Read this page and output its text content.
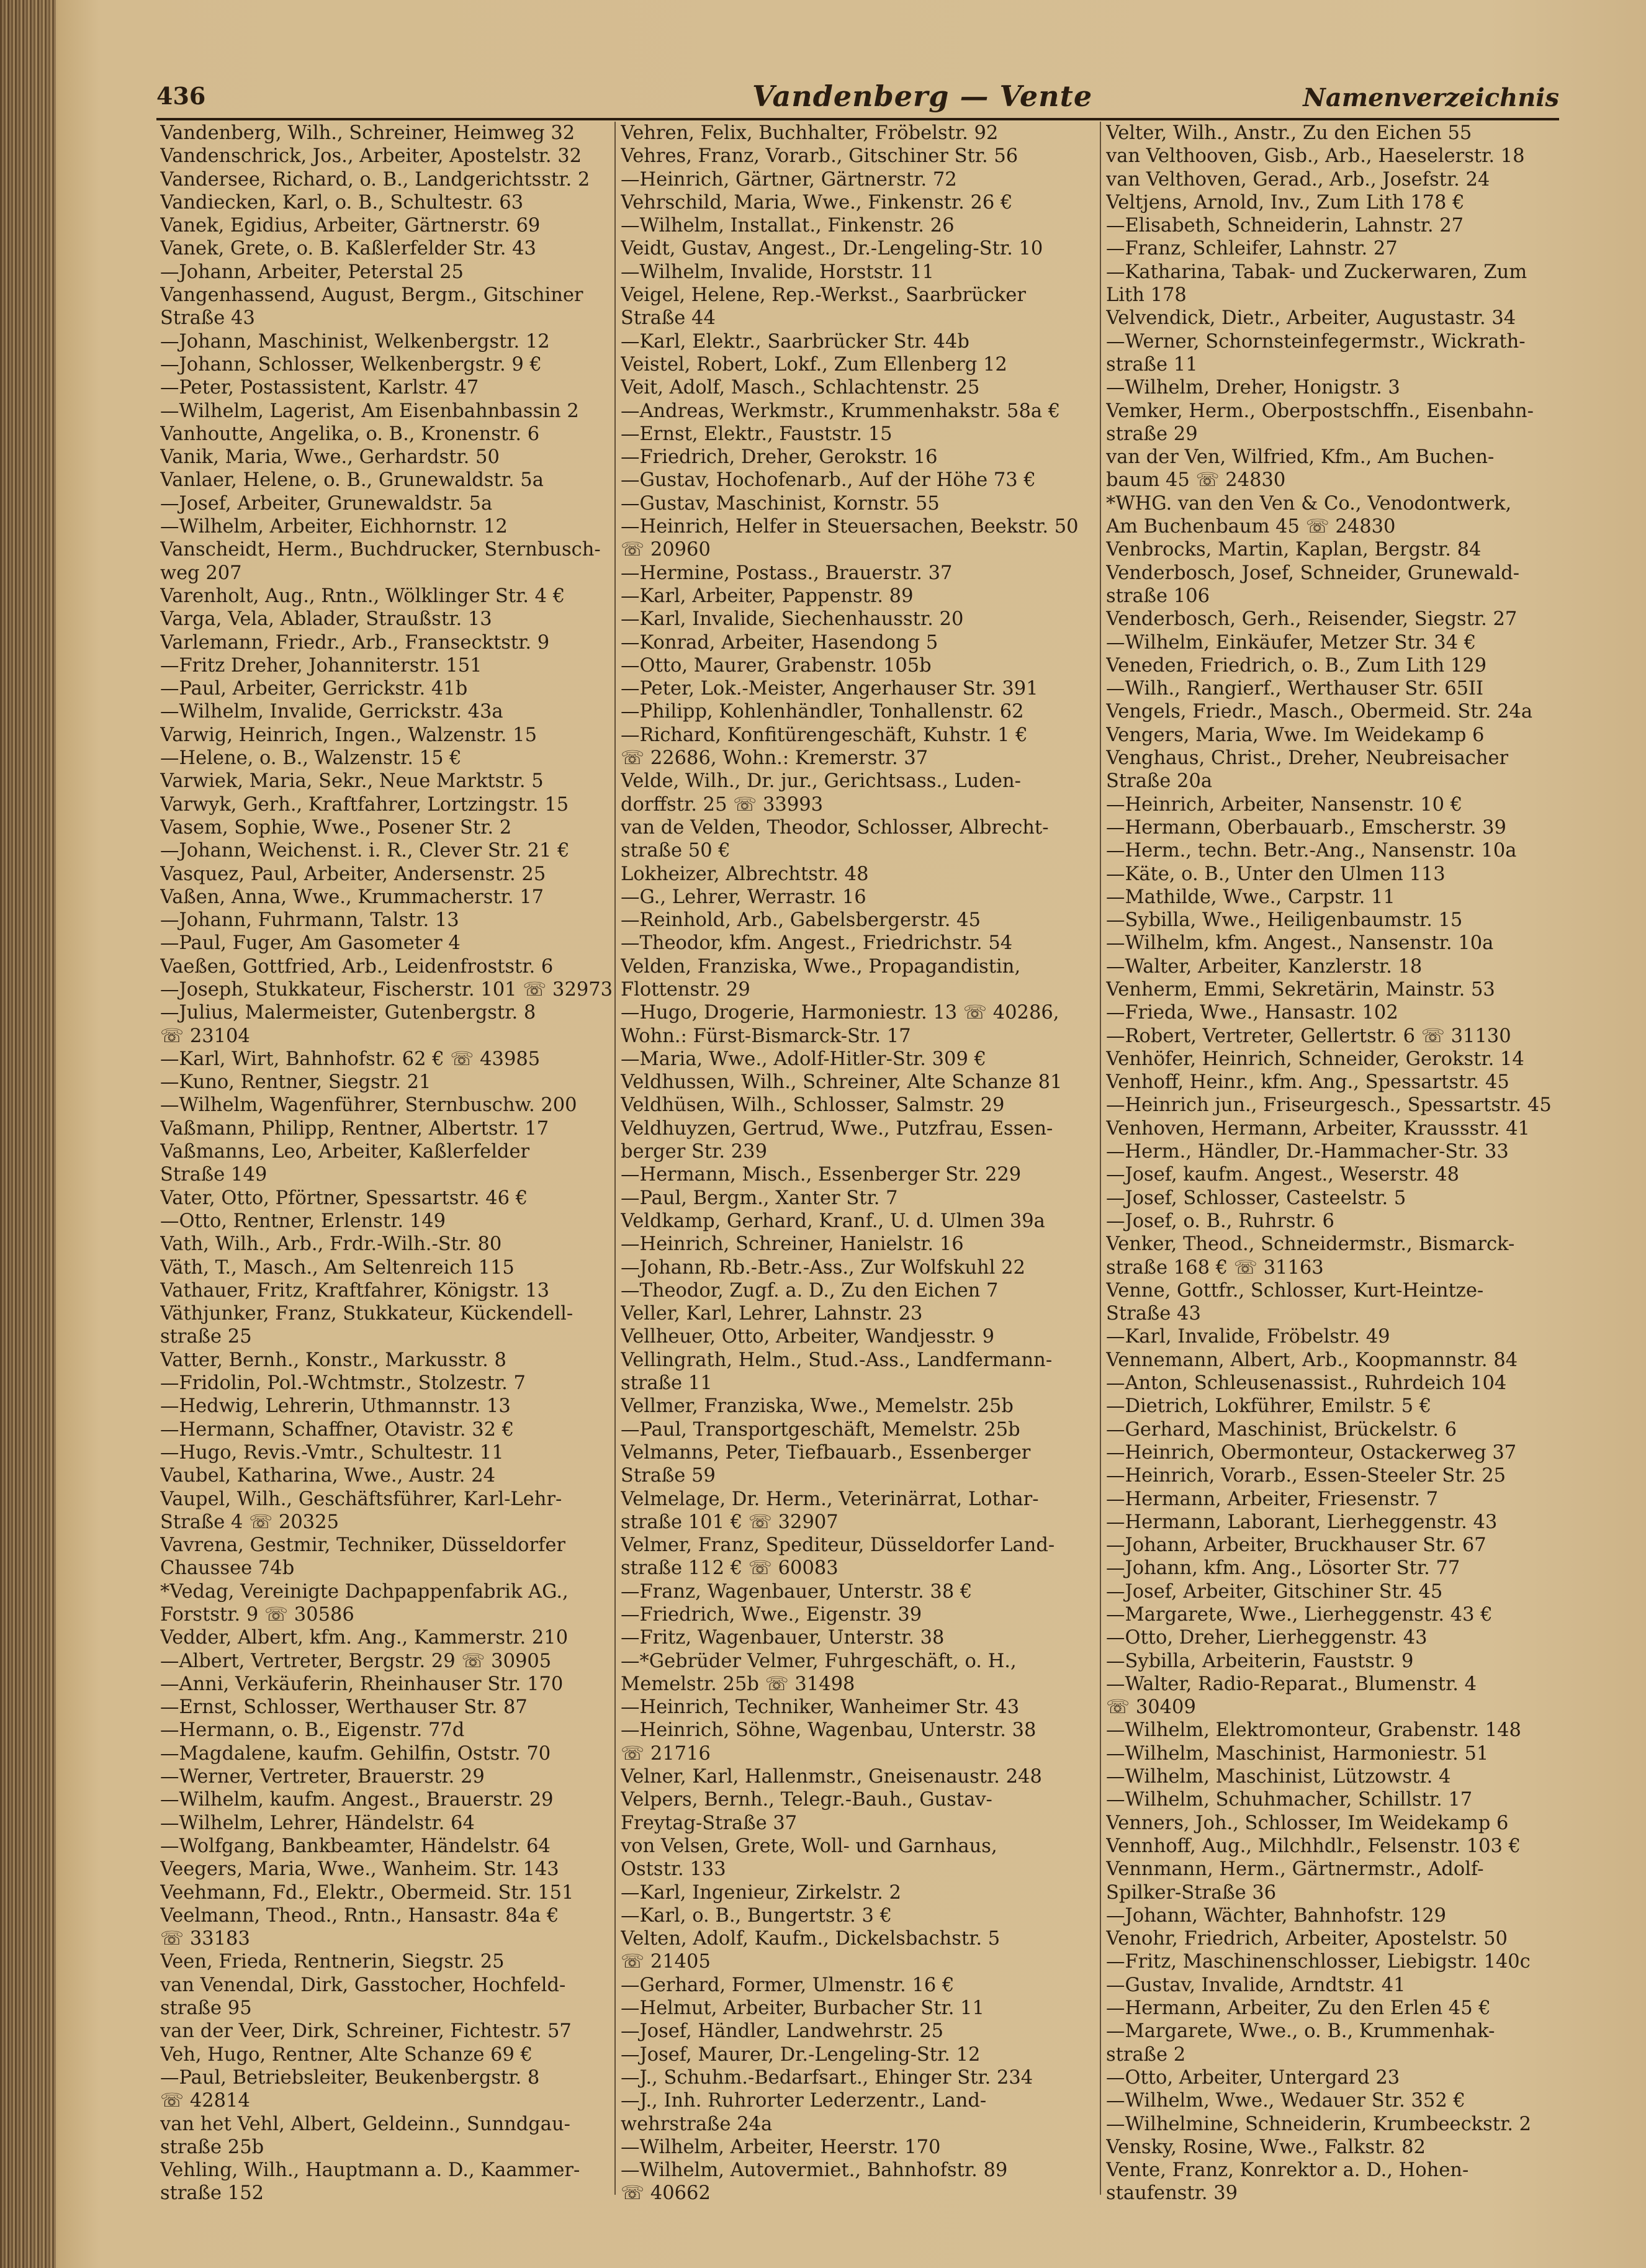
436	Vandenberg — Vente	Namenverzeichnis
Vandenberg, Wilh., Schreiner, Heimweg 32
Vandenschrick, Jos., Arbeiter, Apostelstr. 32
Vandersee, Richard, o. B., Landgerichtsstr. 2
Vandiecken, Karl, o. B., Schultestr. 63
Vanek, Egidius, Arbeiter, Gärtnerstr. 69
Vanek, Grete, o. B. Kaßlerfelder Str. 43
—Johann, Arbeiter, Peterstal 25
Vangenhassend, August, Bergm., Gitschiner
Straße 43
—Johann, Maschinist, Welkenbergstr. 12
—Johann, Schlosser, Welkenbergstr. 9 €
—Peter, Postassistent, Karlstr. 47
—Wilhelm, Lagerist, Am Eisenbahnbassin 2
Vanhoutte, Angelika, o. B., Kronenstr. 6
Vanik, Maria, Wwe., Gerhardstr. 50
Vanlaer, Helene, o. B., Grunewaldstr. 5a
—Josef, Arbeiter, Grunewaldstr. 5a
—Wilhelm, Arbeiter, Eichhornstr. 12
Vanscheidt, Herm., Buchdrucker, Sternbusch-
weg 207
Varenholt, Aug., Rntn., Wölklinger Str. 4 €
Varga, Vela, Ablader, Straußstr. 13
Varlemann, Friedr., Arb., Fransecktstr. 9
—Fritz Dreher, Johanniterstr. 151
—Paul, Arbeiter, Gerrickstr. 41b
—Wilhelm, Invalide, Gerrickstr. 43a
Varwig, Heinrich, Ingen., Walzenstr. 15
—Helene, o. B., Walzenstr. 15 €
Varwiek, Maria, Sekr., Neue Marktstr. 5
Varwyk, Gerh., Kraftfahrer, Lortzingstr. 15
Vasem, Sophie, Wwe., Posener Str. 2
—Johann, Weichenst. i. R., Clever Str. 21 €
Vasquez, Paul, Arbeiter, Andersenstr. 25
Vaßen, Anna, Wwe., Krummacherstr. 17
—Johann, Fuhrmann, Talstr. 13
—Paul, Fuger, Am Gasometer 4
Vaeßen, Gottfried, Arb., Leidenfroststr. 6
—Joseph, Stukkateur, Fischerstr. 101 ☏ 32973
—Julius, Malermeister, Gutenbergstr. 8
☏ 23104
—Karl, Wirt, Bahnhofstr. 62 € ☏ 43985
—Kuno, Rentner, Siegstr. 21
—Wilhelm, Wagenführer, Sternbuschw. 200
Vaßmann, Philipp, Rentner, Albertstr. 17
Vaßmanns, Leo, Arbeiter, Kaßlerfelder
Straße 149
Vater, Otto, Pförtner, Spessartstr. 46 €
—Otto, Rentner, Erlenstr. 149
Vath, Wilh., Arb., Frdr.-Wilh.-Str. 80
Väth, T., Masch., Am Seltenreich 115
Vathauer, Fritz, Kraftfahrer, Königstr. 13
Väthjunker, Franz, Stukkateur, Kückendell-
straße 25
Vatter, Bernh., Konstr., Markusstr. 8
—Fridolin, Pol.-Wchtmstr., Stolzestr. 7
—Hedwig, Lehrerin, Uthmannstr. 13
—Hermann, Schaffner, Otavistr. 32 €
—Hugo, Revis.-Vmtr., Schultestr. 11
Vaubel, Katharina, Wwe., Austr. 24
Vaupel, Wilh., Geschäftsführer, Karl-Lehr-
Straße 4 ☏ 20325
Vavrena, Gestmir, Techniker, Düsseldorfer
Chaussee 74b
*Vedag, Vereinigte Dachpappenfabrik AG.,
Forststr. 9 ☏ 30586
Vedder, Albert, kfm. Ang., Kammerstr. 210
—Albert, Vertreter, Bergstr. 29 ☏ 30905
—Anni, Verkäuferin, Rheinhauser Str. 170
—Ernst, Schlosser, Werthauser Str. 87
—Hermann, o. B., Eigenstr. 77d
—Magdalene, kaufm. Gehilfin, Oststr. 70
—Werner, Vertreter, Brauerstr. 29
—Wilhelm, kaufm. Angest., Brauerstr. 29
—Wilhelm, Lehrer, Händelstr. 64
—Wolfgang, Bankbeamter, Händelstr. 64
Veegers, Maria, Wwe., Wanheim. Str. 143
Veehmann, Fd., Elektr., Obermeid. Str. 151
Veelmann, Theod., Rntn., Hansastr. 84a €
☏ 33183
Veen, Frieda, Rentnerin, Siegstr. 25
van Venendal, Dirk, Gasstocher, Hochfeld-
straße 95
van der Veer, Dirk, Schreiner, Fichtestr. 57
Veh, Hugo, Rentner, Alte Schanze 69 €
—Paul, Betriebsleiter, Beukenbergstr. 8
☏ 42814
van het Vehl, Albert, Geldeinn., Sunndgau-
straße 25b
Vehling, Wilh., Hauptmann a. D., Kaammer-
straße 152
Vehren, Felix, Buchhalter, Fröbelstr. 92
Vehres, Franz, Vorarb., Gitschiner Str. 56
—Heinrich, Gärtner, Gärtnerstr. 72
Vehrschild, Maria, Wwe., Finkenstr. 26 €
—Wilhelm, Installat., Finkenstr. 26
Veidt, Gustav, Angest., Dr.-Lengeling-Str. 10
—Wilhelm, Invalide, Horststr. 11
Veigel, Helene, Rep.-Werkst., Saarbrücker
Straße 44
—Karl, Elektr., Saarbrücker Str. 44b
Veistel, Robert, Lokf., Zum Ellenberg 12
Veit, Adolf, Masch., Schlachtenstr. 25
—Andreas, Werkmstr., Krummenhakstr. 58a €
—Ernst, Elektr., Fauststr. 15
—Friedrich, Dreher, Gerokstr. 16
—Gustav, Hochofenarb., Auf der Höhe 73 €
—Gustav, Maschinist, Kornstr. 55
—Heinrich, Helfer in Steuersachen, Beekstr. 50
☏ 20960
—Hermine, Postass., Brauerstr. 37
—Karl, Arbeiter, Pappenstr. 89
—Karl, Invalide, Siechenhausstr. 20
—Konrad, Arbeiter, Hasendong 5
—Otto, Maurer, Grabenstr. 105b
—Peter, Lok.-Meister, Angerhauser Str. 391
—Philipp, Kohlenhändler, Tonhallenstr. 62
—Richard, Konfitürengeschäft, Kuhstr. 1 €
☏ 22686, Wohn.: Kremerstr. 37
Velde, Wilh., Dr. jur., Gerichtsass., Luden-
dorffstr. 25 ☏ 33993
van de Velden, Theodor, Schlosser, Albrecht-
straße 50 €
Lokheizer, Albrechtstr. 48
—G., Lehrer, Werrastr. 16
—Reinhold, Arb., Gabelsbergerstr. 45
—Theodor, kfm. Angest., Friedrichstr. 54
Velden, Franziska, Wwe., Propagandistin,
Flottenstr. 29
—Hugo, Drogerie, Harmoniestr. 13 ☏ 40286,
Wohn.: Fürst-Bismarck-Str. 17
—Maria, Wwe., Adolf-Hitler-Str. 309 €
Veldhussen, Wilh., Schreiner, Alte Schanze 81
Veldhüsen, Wilh., Schlosser, Salmstr. 29
Veldhuyzen, Gertrud, Wwe., Putzfrau, Essen-
berger Str. 239
—Hermann, Misch., Essenberger Str. 229
—Paul, Bergm., Xanter Str. 7
Veldkamp, Gerhard, Kranf., U. d. Ulmen 39a
—Heinrich, Schreiner, Hanielstr. 16
—Johann, Rb.-Betr.-Ass., Zur Wolfskuhl 22
—Theodor, Zugf. a. D., Zu den Eichen 7
Veller, Karl, Lehrer, Lahnstr. 23
Vellheuer, Otto, Arbeiter, Wandjesstr. 9
Vellingrath, Helm., Stud.-Ass., Landfermann-
straße 11
Vellmer, Franziska, Wwe., Memelstr. 25b
—Paul, Transportgeschäft, Memelstr. 25b
Velmanns, Peter, Tiefbauarb., Essenberger
Straße 59
Velmelage, Dr. Herm., Veterinärrat, Lothar-
straße 101 € ☏ 32907
Velmer, Franz, Spediteur, Düsseldorfer Land-
straße 112 € ☏ 60083
—Franz, Wagenbauer, Unterstr. 38 €
—Friedrich, Wwe., Eigenstr. 39
—Fritz, Wagenbauer, Unterstr. 38
—*Gebrüder Velmer, Fuhrgeschäft, o. H.,
Memelstr. 25b ☏ 31498
—Heinrich, Techniker, Wanheimer Str. 43
—Heinrich, Söhne, Wagenbau, Unterstr. 38
☏ 21716
Velner, Karl, Hallenmstr., Gneisenaustr. 248
Velpers, Bernh., Telegr.-Bauh., Gustav-
Freytag-Straße 37
von Velsen, Grete, Woll- und Garnhaus,
Oststr. 133
—Karl, Ingenieur, Zirkelstr. 2
—Karl, o. B., Bungertstr. 3 €
Velten, Adolf, Kaufm., Dickelsbachstr. 5
☏ 21405
—Gerhard, Former, Ulmenstr. 16 €
—Helmut, Arbeiter, Burbacher Str. 11
—Josef, Händler, Landwehrstr. 25
—Josef, Maurer, Dr.-Lengeling-Str. 12
—J., Schuhm.-Bedarfsart., Ehinger Str. 234
—J., Inh. Ruhrorter Lederzentr., Land-
wehrstraße 24a
—Wilhelm, Arbeiter, Heerstr. 170
—Wilhelm, Autovermiet., Bahnhofstr. 89
☏ 40662
Velter, Wilh., Anstr., Zu den Eichen 55
van Velthooven, Gisb., Arb., Haeselerstr. 18
van Velthoven, Gerad., Arb., Josefstr. 24
Veltjens, Arnold, Inv., Zum Lith 178 €
—Elisabeth, Schneiderin, Lahnstr. 27
—Franz, Schleifer, Lahnstr. 27
—Katharina, Tabak- und Zuckerwaren, Zum
Lith 178
Velvendick, Dietr., Arbeiter, Augustastr. 34
—Werner, Schornsteinfegermstr., Wickrath-
straße 11
—Wilhelm, Dreher, Honigstr. 3
Vemker, Herm., Oberpostschffn., Eisenbahn-
straße 29
van der Ven, Wilfried, Kfm., Am Buchen-
baum 45 ☏ 24830
*WHG. van den Ven & Co., Venodontwerk,
Am Buchenbaum 45 ☏ 24830
Venbrocks, Martin, Kaplan, Bergstr. 84
Venderbosch, Josef, Schneider, Grunewald-
straße 106
Venderbosch, Gerh., Reisender, Siegstr. 27
—Wilhelm, Einkäufer, Metzer Str. 34 €
Veneden, Friedrich, o. B., Zum Lith 129
—Wilh., Rangierf., Werthauser Str. 65II
Vengels, Friedr., Masch., Obermeid. Str. 24a
Vengers, Maria, Wwe. Im Weidekamp 6
Venghaus, Christ., Dreher, Neubreisacher
Straße 20a
—Heinrich, Arbeiter, Nansenstr. 10 €
—Hermann, Oberbauarb., Emscherstr. 39
—Herm., techn. Betr.-Ang., Nansenstr. 10a
—Käte, o. B., Unter den Ulmen 113
—Mathilde, Wwe., Carpstr. 11
—Sybilla, Wwe., Heiligenbaumstr. 15
—Wilhelm, kfm. Angest., Nansenstr. 10a
—Walter, Arbeiter, Kanzlerstr. 18
Venherm, Emmi, Sekretärin, Mainstr. 53
—Frieda, Wwe., Hansastr. 102
—Robert, Vertreter, Gellertstr. 6 ☏ 31130
Venhöfer, Heinrich, Schneider, Gerokstr. 14
Venhoff, Heinr., kfm. Ang., Spessartstr. 45
—Heinrich jun., Friseurgesch., Spessartstr. 45
Venhoven, Hermann, Arbeiter, Kraussstr. 41
—Herm., Händler, Dr.-Hammacher-Str. 33
—Josef, kaufm. Angest., Weserstr. 48
—Josef, Schlosser, Casteelstr. 5
—Josef, o. B., Ruhrstr. 6
Venker, Theod., Schneidermstr., Bismarck-
straße 168 € ☏ 31163
Venne, Gottfr., Schlosser, Kurt-Heintze-
Straße 43
—Karl, Invalide, Fröbelstr. 49
Vennemann, Albert, Arb., Koopmannstr. 84
—Anton, Schleusenassist., Ruhrdeich 104
—Dietrich, Lokführer, Emilstr. 5 €
—Gerhard, Maschinist, Brückelstr. 6
—Heinrich, Obermonteur, Ostackerweg 37
—Heinrich, Vorarb., Essen-Steeler Str. 25
—Hermann, Arbeiter, Friesenstr. 7
—Hermann, Laborant, Lierheggenstr. 43
—Johann, Arbeiter, Bruckhauser Str. 67
—Johann, kfm. Ang., Lösorter Str. 77
—Josef, Arbeiter, Gitschiner Str. 45
—Margarete, Wwe., Lierheggenstr. 43 €
—Otto, Dreher, Lierheggenstr. 43
—Sybilla, Arbeiterin, Fauststr. 9
—Walter, Radio-Reparat., Blumenstr. 4
☏ 30409
—Wilhelm, Elektromonteur, Grabenstr. 148
—Wilhelm, Maschinist, Harmoniestr. 51
—Wilhelm, Maschinist, Lützowstr. 4
—Wilhelm, Schuhmacher, Schillstr. 17
Venners, Joh., Schlosser, Im Weidekamp 6
Vennhoff, Aug., Milchhdlr., Felsenstr. 103 €
Vennmann, Herm., Gärtnermstr., Adolf-
Spilker-Straße 36
—Johann, Wächter, Bahnhofstr. 129
Venohr, Friedrich, Arbeiter, Apostelstr. 50
—Fritz, Maschinenschlosser, Liebigstr. 140c
—Gustav, Invalide, Arndtstr. 41
—Hermann, Arbeiter, Zu den Erlen 45 €
—Margarete, Wwe., o. B., Krummenhak-
straße 2
—Otto, Arbeiter, Untergard 23
—Wilhelm, Wwe., Wedauer Str. 352 €
—Wilhelmine, Schneiderin, Krumbeeckstr. 2
Vensky, Rosine, Wwe., Falkstr. 82
Vente, Franz, Konrektor a. D., Hohen-
staufenstr. 39
